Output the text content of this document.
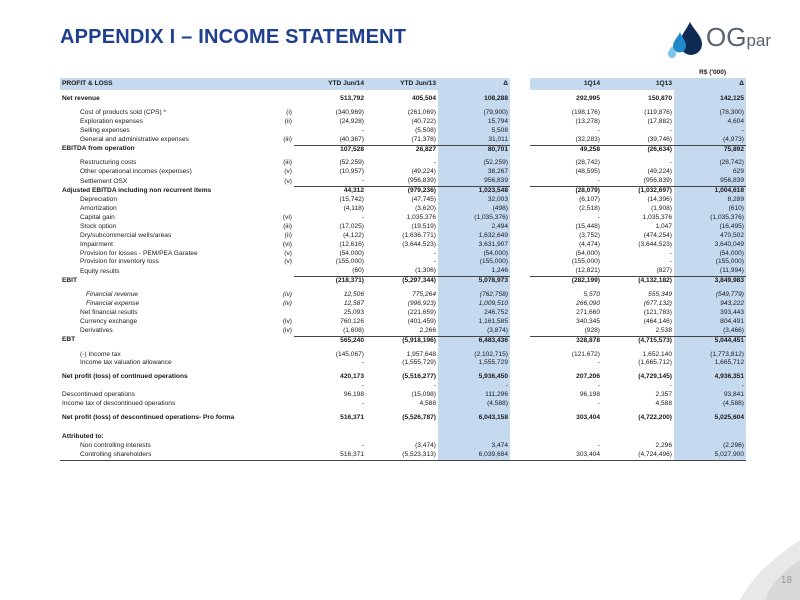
APPENDIX I – INCOME STATEMENT	OGpar
R$ ('000)
PROFIT & LOSS		YTD Jun/14	YTD Jun/13	Δ		1Q14	1Q13	Δ

Net revenue		513,792	405,504	108,288		292,995	150,870	142,125

Cost of products sold (CPS) *	(i)	(340,969)	(261,069)	(79,900)		(198,176)	(119,876)	(78,300)
Exploration expenses	(ii)	(24,928)	(40,722)	15,794		(13,278)	(17,882)	4,604
Selling expenses		-	(5,508)	5,508		-	-	-
General and administrative expenses	(iii)	(40,367)	(71,378)	31,011		(32,283)	(39,746)	(4,973)
EBITDA from operation		107,528	26,827	80,701		49,258	(26,634)	75,892

Restructuring costs	(iii)	(52,259)	-	(52,259)		(28,742)	-	(28,742)
Other operational incomes (expenses)	(v)	(10,957)	(49,224)	38,267		(48,595)	(49,224)	629
Settlement OSX	(v)	-	(956,839)	956,839		-	(956,839)	956,839
Adjusted EBITDA including non recurrent items		44,312	(979,236)	1,023,548		(28,079)	(1,032,697)	1,004,618
Depreciation		(15,742)	(47,745)	32,003		(6,107)	(14,396)	8,289
Amortization		(4,118)	(3,620)	(498)		(2,518)	(1,908)	(610)
Capital gain	(vi)	-	1,035,376	(1,035,376)		-	1,035,376	(1,035,376)
Stock option	(iii)	(17,025)	(19,519)	2,494		(15,448)	1,047	(16,495)
Dry/subcommercial wells/areas	(ii)	(4,122)	(1,636,771)	1,632,649		(3,752)	(474,254)	470,502
Impairment	(vi)	(12,616)	(3,644,523)	3,631,907		(4,474)	(3,644,523)	3,640,049
Provision for losses - PEM/PEA Garatee	(v)	(54,000)	-	(54,000)		(54,000)	-	(54,000)
Provision for inventory loss	(v)	(155,000)	-	(155,000)		(155,000)	-	(155,000)
Equity results		(60)	(1,306)	1,246		(12,821)	(827)	(11,994)
EBIT		(218,371)	(5,297,344)	5,078,973		(282,199)	(4,132,182)	3,849,983

Financial revenue	(iv)	12,506	775,264	(762,758)		5,570	555,349	(549,779)
Financial expense	(iv)	12,587	(996,923)	1,009,510		266,090	(677,132)	943,222
Net financial results		25,093	(221,659)	246,752		271,660	(121,783)	393,443
Currency exchange	(iv)	760,126	(401,459)	1,161,585		340,345	(464,146)	804,491
Derivatives	(iv)	(1,608)	2,266	(3,874)		(928)	2,538	(3,466)
EBT		565,240	(5,918,196)	6,483,436		328,878	(4,715,573)	5,044,451

(-) Income tax		(145,067)	1,957,648	(2,102,715)		(121,672)	1,652,140	(1,773,812)
Income tax valuation allowance		-	(1,555,729)	1,555,729		-	(1,665,712)	1,665,712

Net profit (loss) of continued operations		420,173	(5,516,277)	5,936,450		207,206	(4,729,145)	4,936,351
		-	-	-		-	-	-
Descontinued operations		96,198	(15,098)	111,296		96,198	2,357	93,841
Income tax of descontinued operations		-	4,588	(4,588)		-	4,588	(4,588)

Net profit (loss) of descontinued operations- Pro forma		516,371	(5,526,787)	6,043,158		303,404	(4,722,200)	5,025,604

Attributed to:								
Non controlling interests		-	(3,474)	3,474		-	2,296	(2,296)
Controlling shareholders		516,371	(5,523,313)	6,039,684		303,404	(4,724,496)	5,027,900
18
